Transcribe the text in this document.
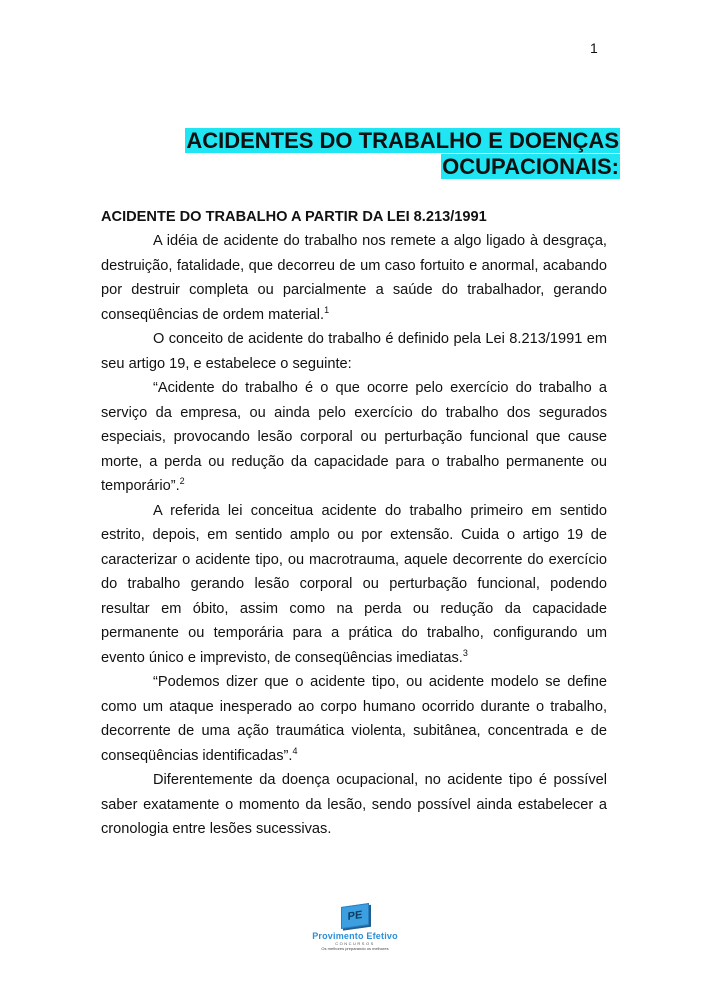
1
ACIDENTES DO TRABALHO E DOENÇAS
OCUPACIONAIS:

ACIDENTE DO TRABALHO A PARTIR DA LEI 8.213/1991

A idéia de acidente do trabalho nos remete a algo ligado à desgraça, destruição, fatalidade, que decorreu de um caso fortuito e anormal, acabando por destruir completa ou parcialmente a saúde do trabalhador, gerando conseqüências de ordem material.$^1$

O conceito de acidente do trabalho é definido pela Lei 8.213/1991 em seu artigo 19, e estabelece o seguinte:

“Acidente do trabalho é o que ocorre pelo exercício do trabalho a serviço da empresa, ou ainda pelo exercício do trabalho dos segurados especiais, provocando lesão corporal ou perturbação funcional que cause morte, a perda ou redução da capacidade para o trabalho permanente ou temporário”.$^2$

A referida lei conceitua acidente do trabalho primeiro em sentido estrito, depois, em sentido amplo ou por extensão. Cuida o artigo 19 de caracterizar o acidente tipo, ou macrotrauma, aquele decorrente do exercício do trabalho gerando lesão corporal ou perturbação funcional, podendo resultar em óbito, assim como na perda ou redução da capacidade permanente ou temporária para a prática do trabalho, configurando um evento único e imprevisto, de conseqüências imediatas.$^3$

“Podemos dizer que o acidente tipo, ou acidente modelo se define como um ataque inesperado ao corpo humano ocorrido durante o trabalho, decorrente de uma ação traumática violenta, subitânea, concentrada e de conseqüências identificadas”.$^4$

Diferentemente da doença ocupacional, no acidente tipo é possível saber exatamente o momento da lesão, sendo possível ainda estabelecer a cronologia entre lesões sucessivas.

PE
Provimento Efetivo
CONCURSOS
Os melhores preparando os melhores
